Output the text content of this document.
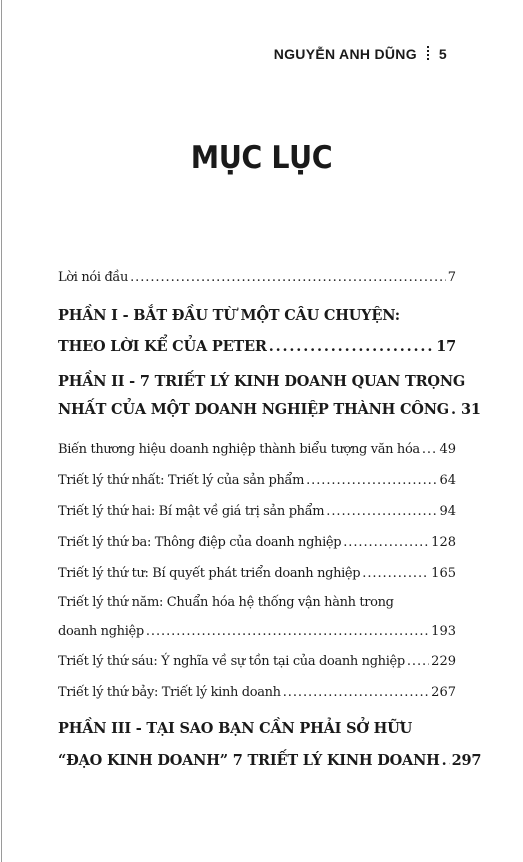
NGUYỄN ANH DŨNG 5
MỤC LỤC
Lời nói đầu . . .	7
PHẦN I - BẮT ĐẦU TỪ MỘT CÂU CHUYỆN:
THEO LỜI KỂ CỦA PETER . . .	17
PHẦN II - 7 TRIẾT LÝ KINH DOANH QUAN TRỌNG
NHẤT CỦA MỘT DOANH NGHIỆP THÀNH CÔNG . . . 31
Biến thương hiệu doanh nghiệp thành biểu tượng văn hóa . . . 49
Triết lý thứ nhất: Triết lý của sản phẩm . . .	64
Triết lý thứ hai: Bí mật về giá trị sản phẩm . . .	94
Triết lý thứ ba: Thông điệp của doanh nghiệp . . .	128
Triết lý thứ tư: Bí quyết phát triển doanh nghiệp . . .	165
Triết lý thứ năm: Chuẩn hóa hệ thống vận hành trong
doanh nghiệp . . .	193
Triết lý thứ sáu: Ý nghĩa về sự tồn tại của doanh nghiệp . . . 229
Triết lý thứ bảy: Triết lý kinh doanh . . .	267
PHẦN III - TẠI SAO BẠN CẦN PHẢI SỞ HỮU
“ĐẠO KINH DOANH” 7 TRIẾT LÝ KINH DOANH . . . 297
